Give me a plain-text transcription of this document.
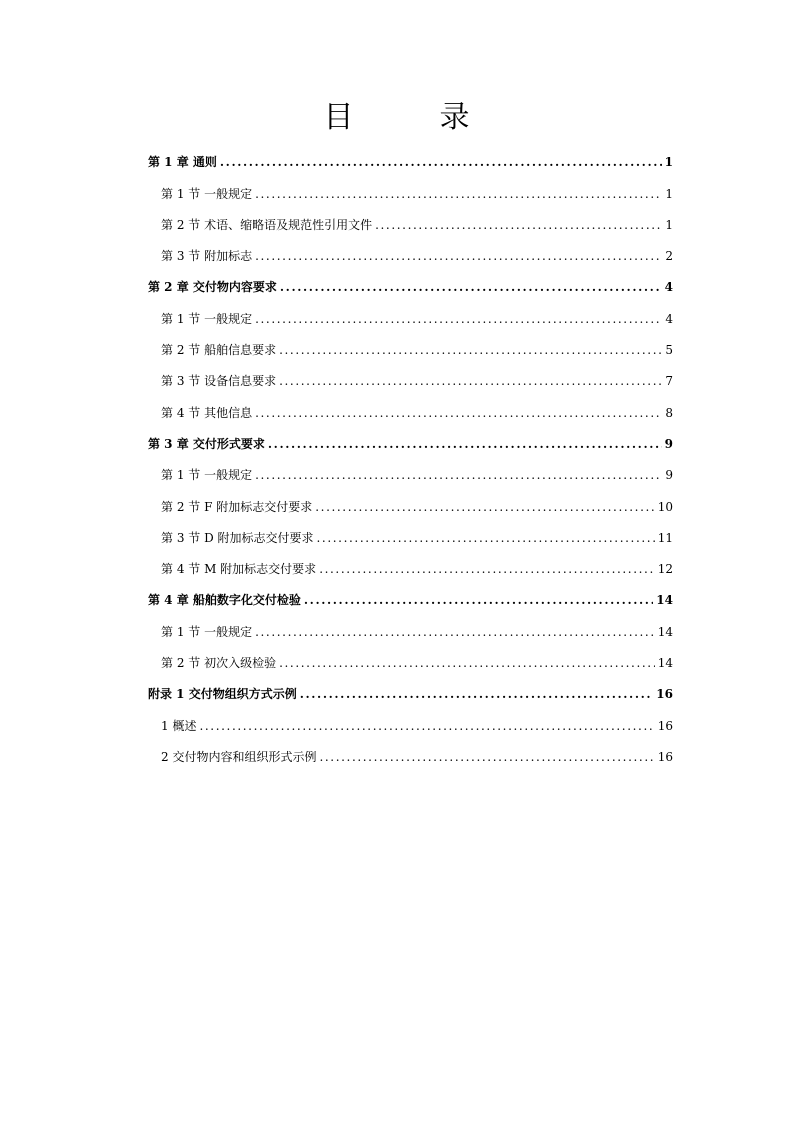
目　录
第 1 章 通则 .....	1
第 1 节 一般规定 .....	1
第 2 节 术语、缩略语及规范性引用文件 .....	1
第 3 节 附加标志 .....	2
第 2 章 交付物内容要求 .....	4
第 1 节 一般规定 .....	4
第 2 节 船舶信息要求 .....	5
第 3 节 设备信息要求 .....	7
第 4 节 其他信息 .....	8
第 3 章 交付形式要求 .....	9
第 1 节 一般规定 .....	9
第 2 节 F 附加标志交付要求 .....	10
第 3 节 D 附加标志交付要求 .....	11
第 4 节 M 附加标志交付要求 .....	12
第 4 章 船舶数字化交付检验 .....	14
第 1 节 一般规定 .....	14
第 2 节 初次入级检验 .....	14
附录 1 交付物组织方式示例 .....	16
1 概述 .....	16
2 交付物内容和组织形式示例 .....	16
